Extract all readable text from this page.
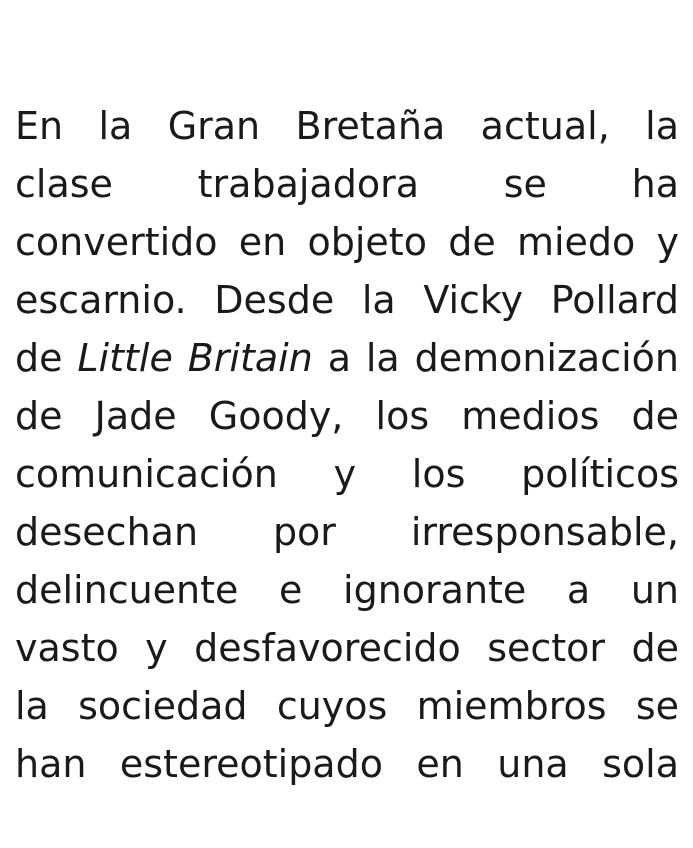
En la Gran Bretaña actual, la
clase trabajadora se ha
convertido en objeto de miedo y
escarnio. Desde la Vicky Pollard
de Little Britain a la demonización
de Jade Goody, los medios de
comunicación y los políticos
desechan por irresponsable,
delincuente e ignorante a un
vasto y desfavorecido sector de
la sociedad cuyos miembros se
han estereotipado en una sola
